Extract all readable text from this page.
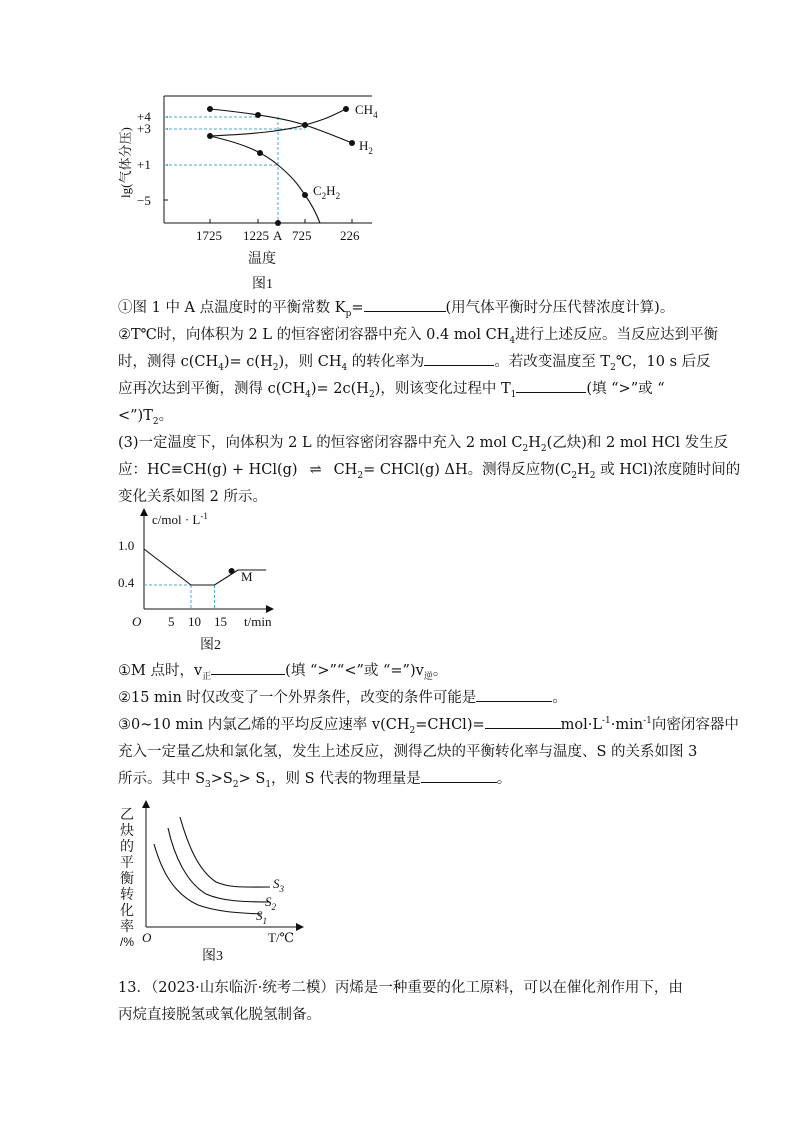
+4
+3
+1
−5
lg(气体分压)
1725 1225 A 725 226
$CH_4$
$H_2$
$C_2H_2$
温度
图1
①图 1 中 A 点温度时的平衡常数 $K_p=$	(用气体平衡时分压代替浓度计算)。
②T℃时，向体积为 2 L 的恒容密闭容器中充入 0.4 mol $CH_4$进行上述反应。当反应达到平衡
时，测得 $c(CH_4)= c(H_2)$，则 $CH_4$ 的转化率为	。若改变温度至 $T_2℃$，10 s 后反
应再次达到平衡，测得 $c(CH_4)= 2c(H_2)$，则该变化过程中 $T_1$	(填 “>”或 “
$<”)T_2$。
(3)一定温度下，向体积为 2 L 的恒容密闭容器中充入 2 mol $C_2H_2$(乙炔)和 2 mol HCl 发生反
应：HC≡CH(g) + HCl(g) ⇌ $CH_2=$ CHCl(g) ΔH。测得反应物($C_2H_2$ 或 HCl)浓度随时间的
变化关系如图 2 所示。
$c/mol \cdot L^{-1}$
1.0
0.4
O 5 10 15 t/min
M
图2
①M 点时，$v_正$	(填 “>”“<”或 “$=”)v_逆$。
②15 min 时仅改变了一个外界条件，改变的条件可能是	。
③0~10 min 内氯乙烯的平均反应速率 $v(CH_2=CHCl)=$	$mol\cdot L^{-1}\cdot\min^{-1}$向密闭容器中
充入一定量乙炔和氯化氢，发生上述反应，测得乙炔的平衡转化率与温度、S 的关系如图 3
所示。其中 $S_3>S_2> S_1$，则 S 代表的物理量是	。
$S_3$
$S_2$
$S_1$
O	T/℃
图3
乙
炔
的
平
衡
转
化
率
/%
13．（2023·山东临沂·统考二模）丙烯是一种重要的化工原料，可以在催化剂作用下，由
丙烷直接脱氢或氧化脱氢制备。
